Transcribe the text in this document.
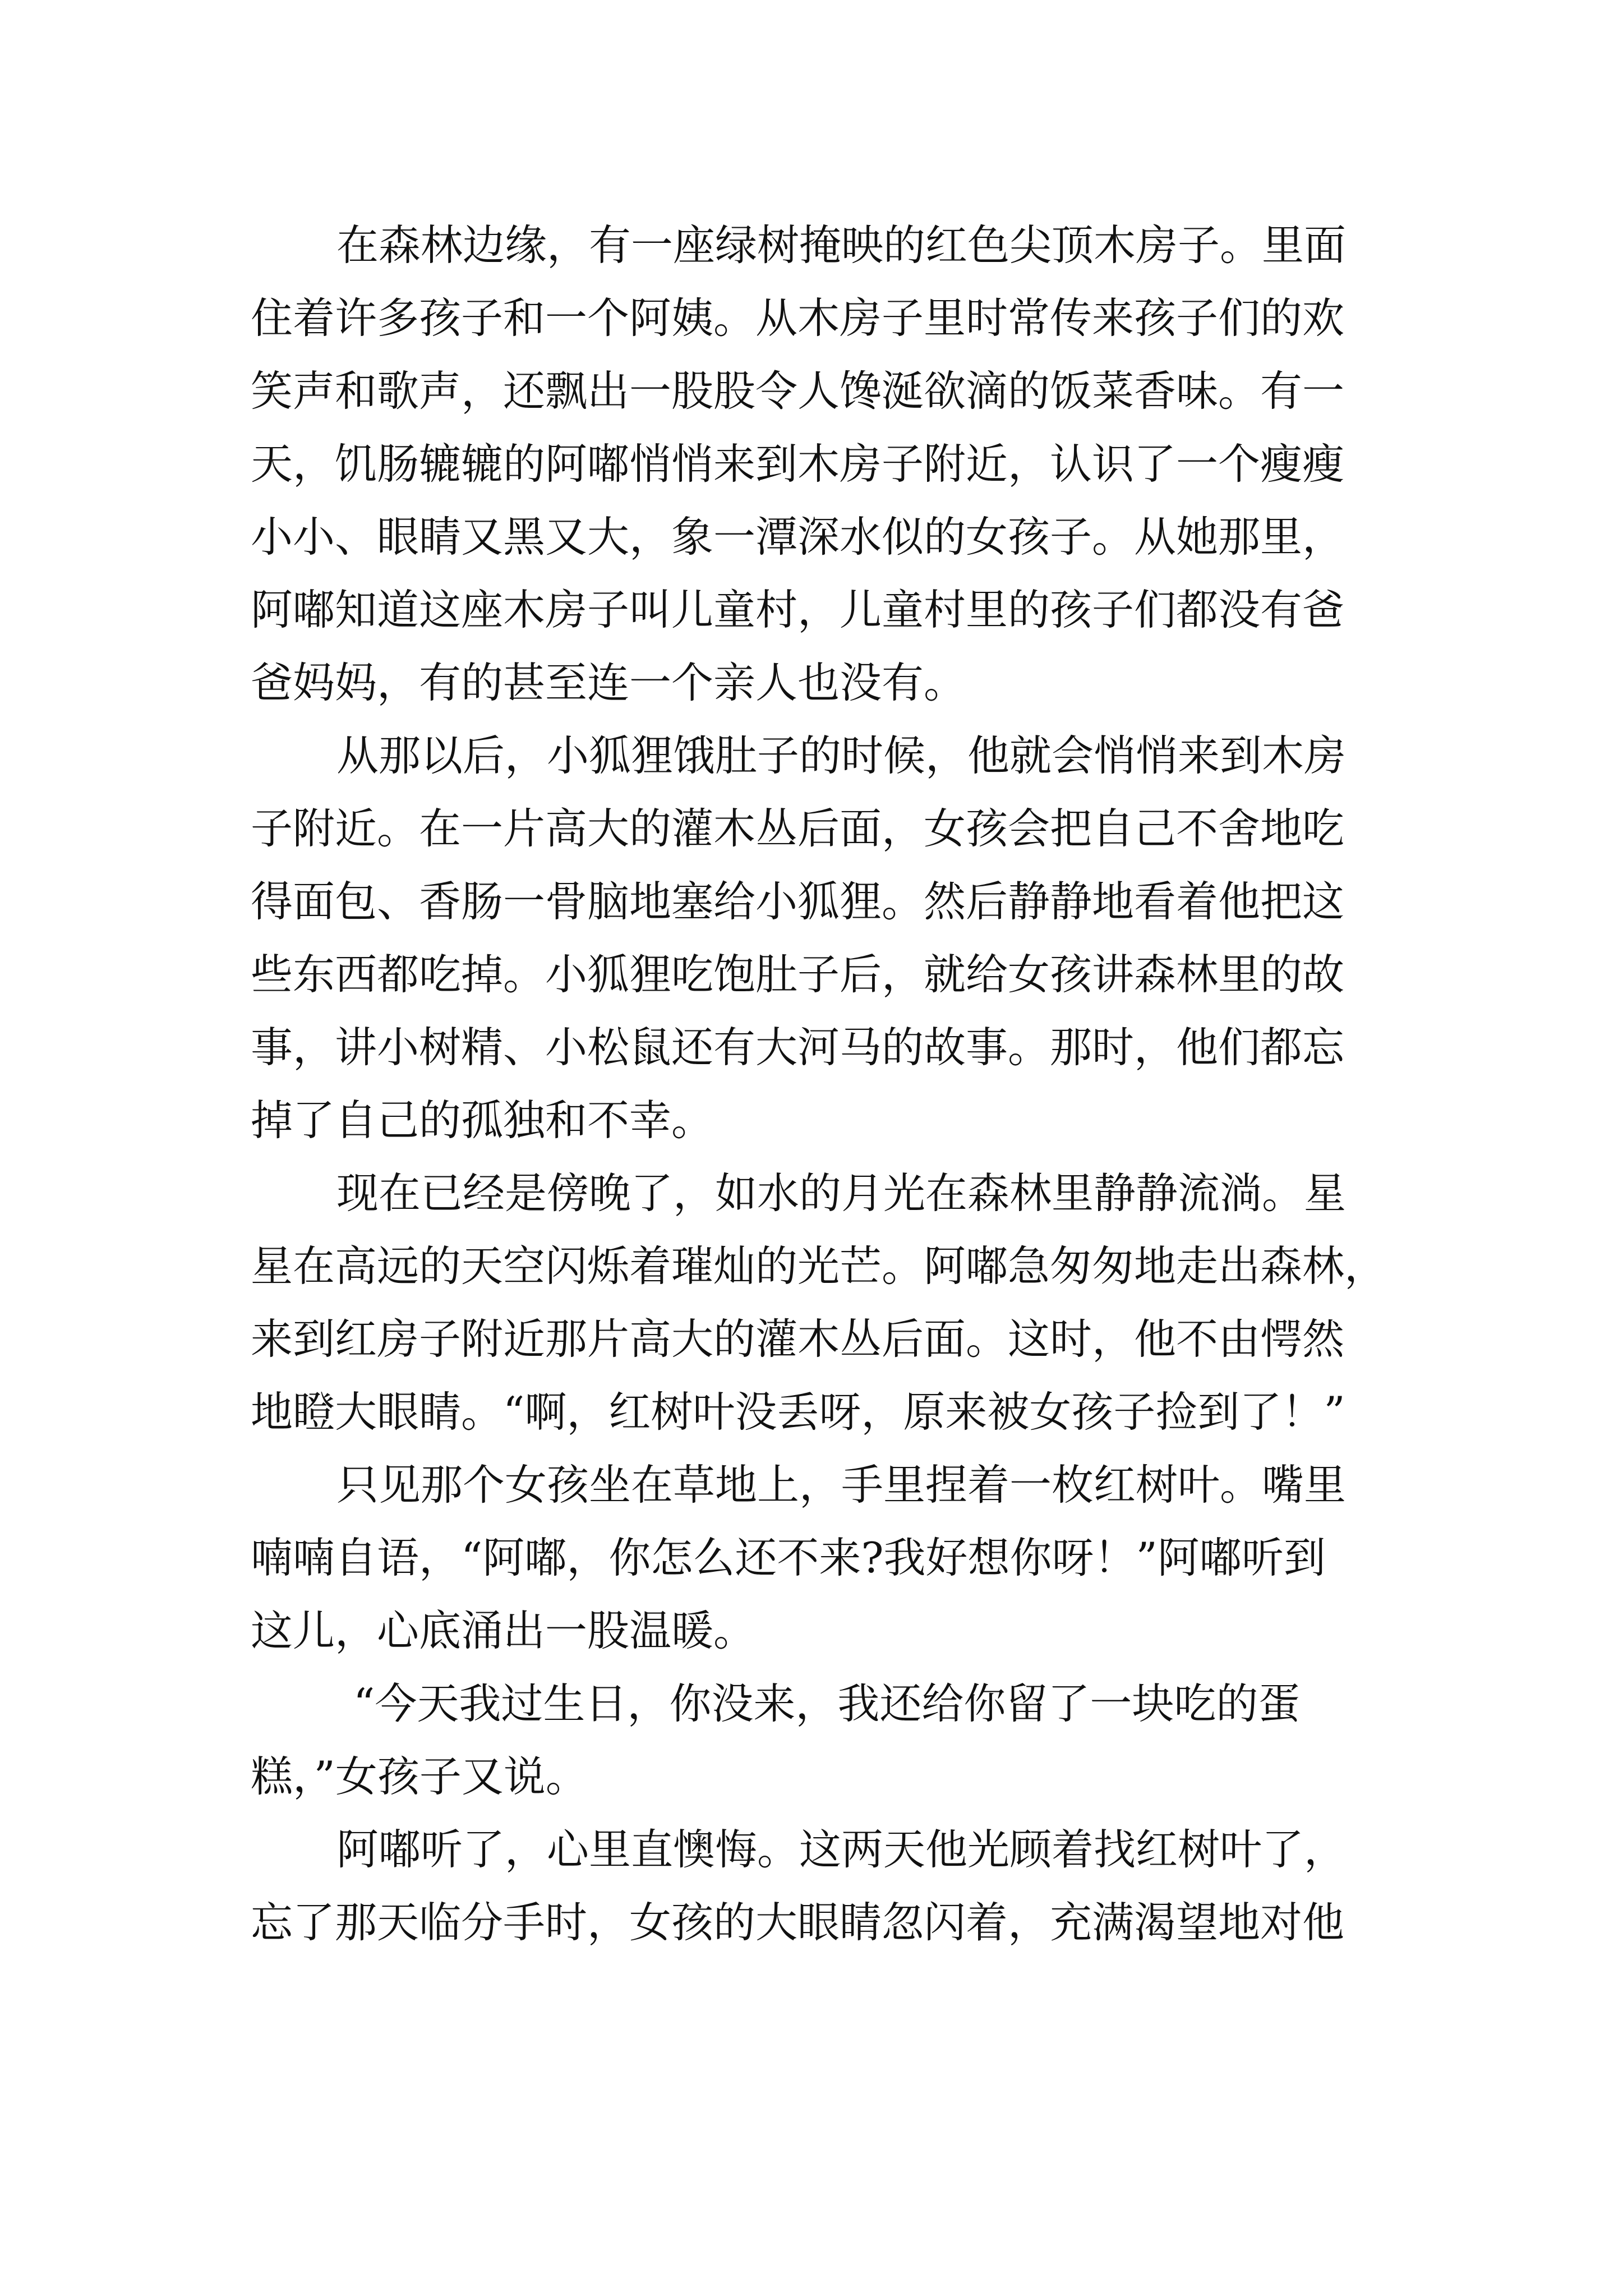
在森林边缘，有一座绿树掩映的红色尖顶木房子。里面

住着许多孩子和一个阿姨。从木房子里时常传来孩子们的欢

笑声和歌声，还飘出一股股令人馋涎欲滴的饭菜香味。有一

天，饥肠辘辘的阿嘟悄悄来到木房子附近，认识了一个瘦瘦

小小、眼睛又黑又大，象一潭深水似的女孩子。从她那里，

阿嘟知道这座木房子叫儿童村，儿童村里的孩子们都没有爸

爸妈妈，有的甚至连一个亲人也没有。

从那以后，小狐狸饿肚子的时候，他就会悄悄来到木房

子附近。在一片高大的灌木丛后面，女孩会把自己不舍地吃

得面包、香肠一骨脑地塞给小狐狸。然后静静地看着他把这

些东西都吃掉。小狐狸吃饱肚子后，就给女孩讲森林里的故

事，讲小树精、小松鼠还有大河马的故事。那时，他们都忘

掉了自己的孤独和不幸。

现在已经是傍晚了，如水的月光在森林里静静流淌。星

星在高远的天空闪烁着璀灿的光芒。阿嘟急匆匆地走出森林，

来到红房子附近那片高大的灌木丛后面。这时，他不由愕然

地瞪大眼睛。“啊，红树叶没丢呀，原来被女孩子捡到了！”

只见那个女孩坐在草地上，手里捏着一枚红树叶。嘴里

喃喃自语，“阿嘟，你怎么还不来?我好想你呀！”阿嘟听到

这儿，心底涌出一股温暖。

“今天我过生日，你没来，我还给你留了一块吃的蛋

糕，”女孩子又说。

阿嘟听了，心里直懊悔。这两天他光顾着找红树叶了，

忘了那天临分手时，女孩的大眼睛忽闪着，充满渴望地对他
